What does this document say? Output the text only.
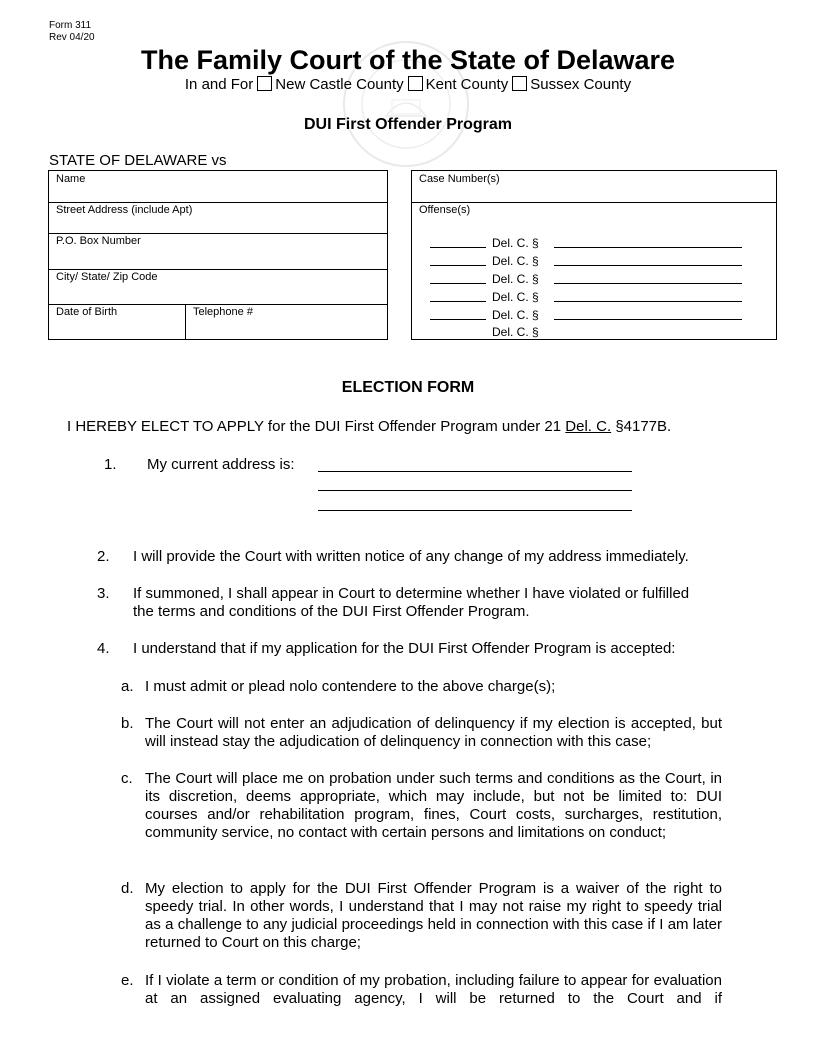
Form 311
Rev 04/20
The Family Court of the State of Delaware
In and For New Castle County Kent County Sussex County
DUI First Offender Program
STATE OF DELAWARE vs
Name
Street Address (include Apt)
P.O. Box Number
City/ State/ Zip Code
Date of Birth	Telephone #
Case Number(s)
Offense(s)
Del. C. §
Del. C. §
Del. C. §
Del. C. §
Del. C. §
Del. C. §
ELECTION FORM
I HEREBY ELECT TO APPLY for the DUI First Offender Program under 21 Del. C. §4177B.
1. My current address is:
2. I will provide the Court with written notice of any change of my address immediately.
3. If summoned, I shall appear in Court to determine whether I have violated or fulfilled the terms and conditions of the DUI First Offender Program.
4. I understand that if my application for the DUI First Offender Program is accepted:
a. I must admit or plead nolo contendere to the above charge(s);
b. The Court will not enter an adjudication of delinquency if my election is accepted, but will instead stay the adjudication of delinquency in connection with this case;
c. The Court will place me on probation under such terms and conditions as the Court, in its discretion, deems appropriate, which may include, but not be limited to: DUI courses and/or rehabilitation program, fines, Court costs, surcharges, restitution, community service, no contact with certain persons and limitations on conduct;
d. My election to apply for the DUI First Offender Program is a waiver of the right to speedy trial. In other words, I understand that I may not raise my right to speedy trial as a challenge to any judicial proceedings held in connection with this case if I am later returned to Court on this charge;
e. If I violate a term or condition of my probation, including failure to appear for evaluation at an assigned evaluating agency, I will be returned to the Court and if
